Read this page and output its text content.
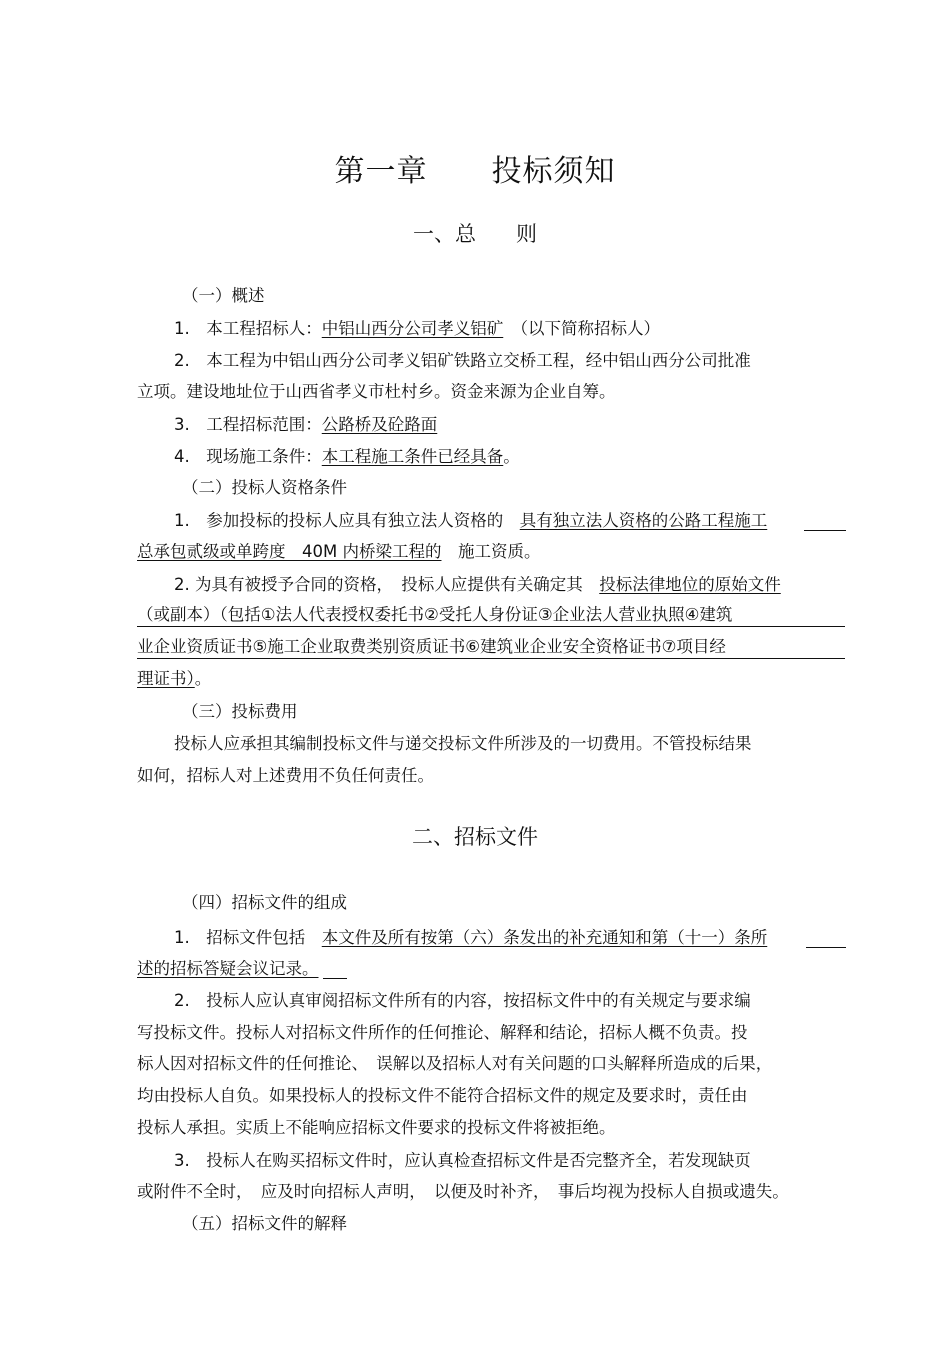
第一章 投标须知
一、总 则
（一）概述
1.　本工程招标人：中铝山西分公司孝义铝矿　 （以下简称招标人）
2.　本工程为中铝山西分公司孝义铝矿铁路立交桥工程，经中铝山西分公司批准
立项。建设地址位于山西省孝义市杜村乡。资金来源为企业自筹。
3.　工程招标范围：公路桥及砼路面
4.　现场施工条件：本工程施工条件已经具备。
（二）投标人资格条件
1.　参加投标的投标人应具有独立法人资格的　 具有独立法人资格的公路工程施工
总承包贰级或单跨度　40M 内桥梁工程的　 施工资质。
2. 为具有被授予合同的资格，　投标人应提供有关确定其　 投标法律地位的原始文件
（或副本）（包括①法人代表授权委托书②受托人身份证③企业法人营业执照④建筑
业企业资质证书⑤施工企业取费类别资质证书⑥建筑业企业安全资格证书⑦项目经
理证书）。
（三）投标费用
投标人应承担其编制投标文件与递交投标文件所涉及的一切费用。不管投标结果
如何，招标人对上述费用不负任何责任。
二、招标文件
（四）招标文件的组成
1.　招标文件包括　 本文件及所有按第（六）条发出的补充通知和第（十一）条所
述的招标答疑会议记录。
2.　投标人应认真审阅招标文件所有的内容，按招标文件中的有关规定与要求编
写投标文件。投标人对招标文件所作的任何推论、解释和结论，招标人概不负责。投
标人因对招标文件的任何推论、　误解以及招标人对有关问题的口头解释所造成的后果，
均由投标人自负。如果投标人的投标文件不能符合招标文件的规定及要求时，责任由
投标人承担。实质上不能响应招标文件要求的投标文件将被拒绝。
3.　投标人在购买招标文件时，应认真检查招标文件是否完整齐全，若发现缺页
或附件不全时，　应及时向招标人声明，　以便及时补齐，　事后均视为投标人自损或遗失。
（五）招标文件的解释
